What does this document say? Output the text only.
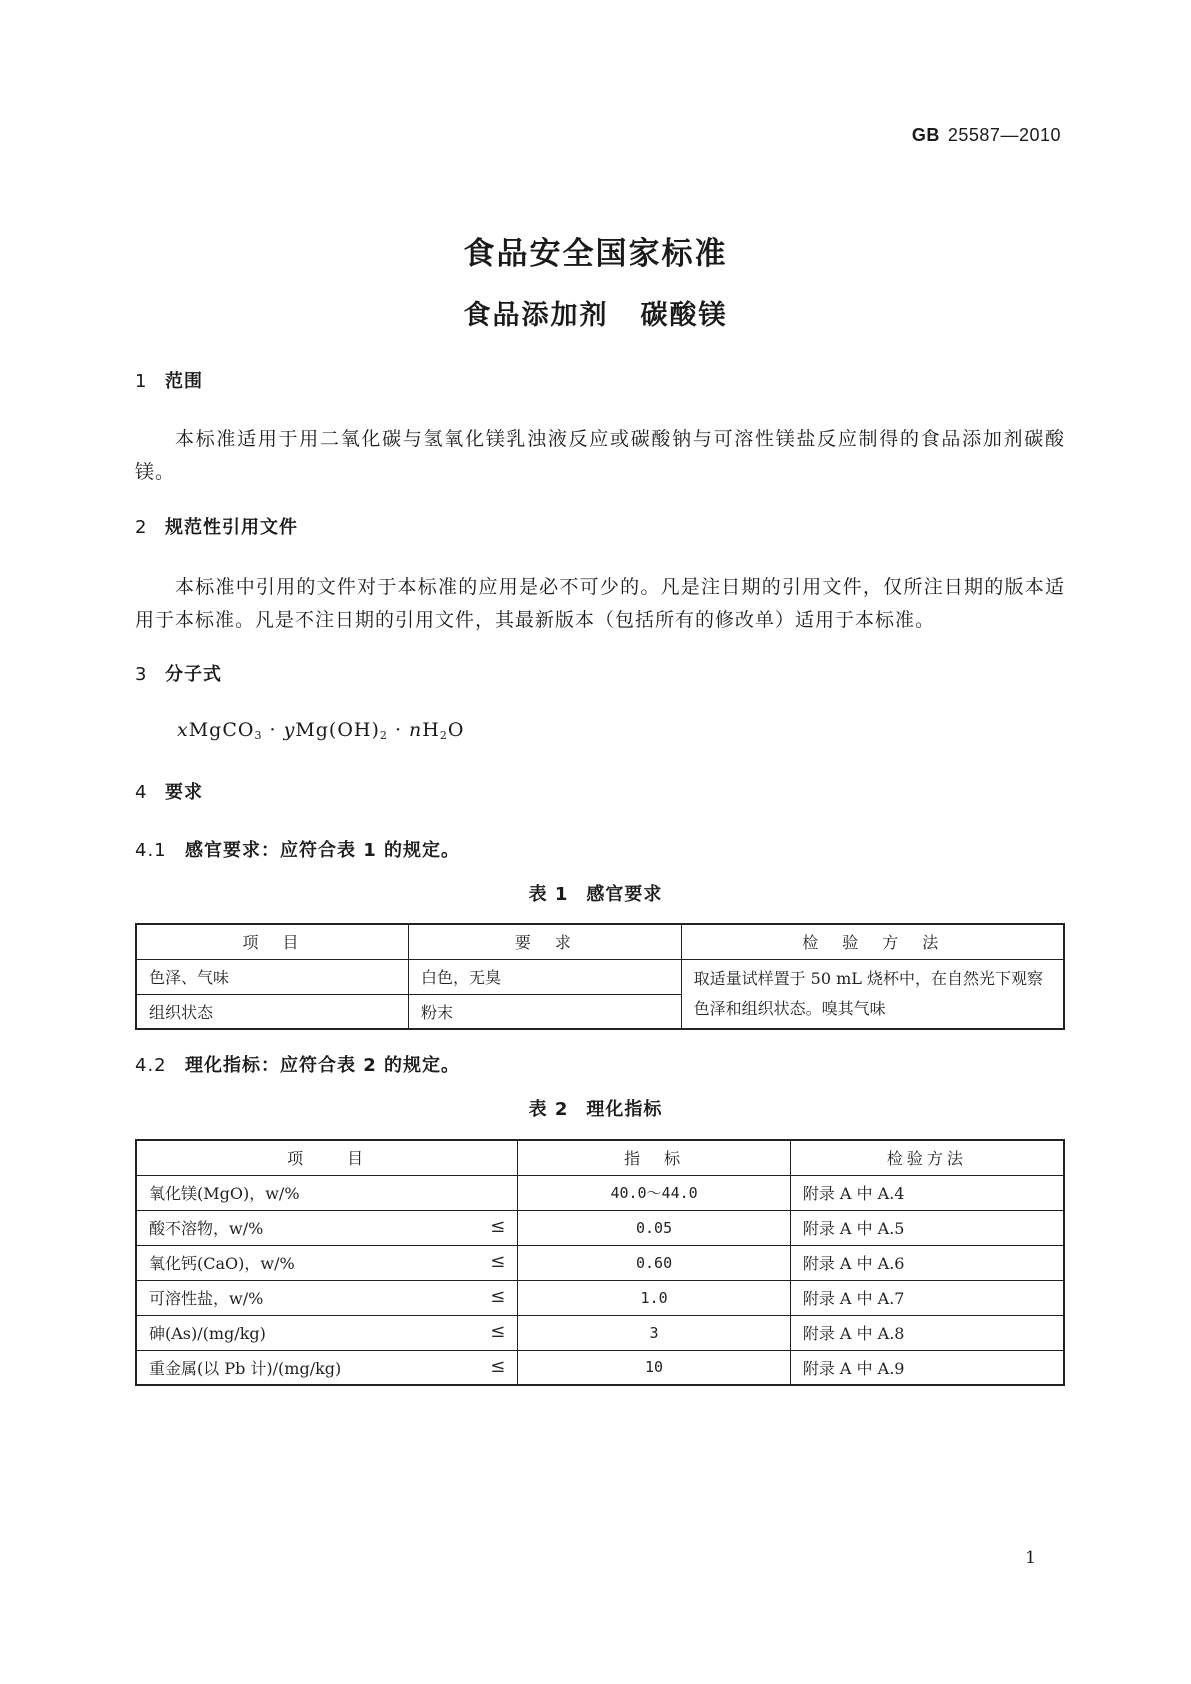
GB 25587—2010
食品安全国家标准
食品添加剂 碳酸镁
1 范围
本标准适用于用二氧化碳与氢氧化镁乳浊液反应或碳酸钠与可溶性镁盐反应制得的食品添加剂碳酸镁。
2 规范性引用文件
本标准中引用的文件对于本标准的应用是必不可少的。凡是注日期的引用文件，仅所注日期的版本适用于本标准。凡是不注日期的引用文件，其最新版本（包括所有的修改单）适用于本标准。
3 分子式
xMgCO$_3$ · $yMg(OH)_2 \cdot nH_2O$
4 要求
4.1 感官要求：应符合表 1 的规定。
表 1 感官要求
项　目	要　求	检　验　方　法
色泽、气味	白色，无臭	取适量试样置于 50 mL 烧杯中，在自然光下观察色泽和组织状态。嗅其气味
组织状态	粉末	
4.2 理化指标：应符合表 2 的规定。
表 2 理化指标
项　　目	指　标	检验方法
氧化镁(MgO)，w/%	40.0～44.0	附录 A 中 A.4
酸不溶物，w/% ≤	0.05	附录 A 中 A.5
氧化钙(CaO)，w/% ≤	0.60	附录 A 中 A.6
可溶性盐，w/% ≤	1.0	附录 A 中 A.7
砷(As)/(mg/kg) ≤	3	附录 A 中 A.8
重金属(以 Pb 计)/(mg/kg) ≤	10	附录 A 中 A.9
1
